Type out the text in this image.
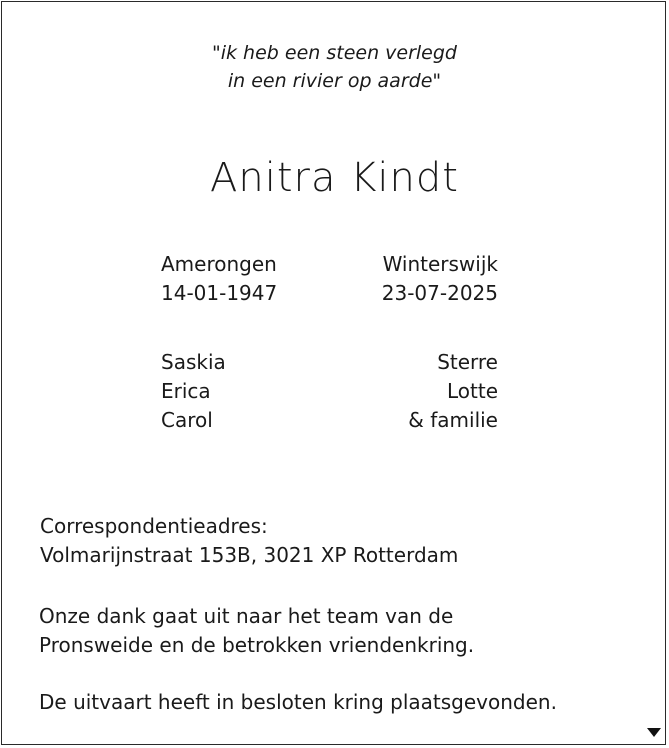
"ik heb een steen verlegd
in een rivier op aarde"
Anitra Kindt
Amerongen
14-01-1947
Winterswijk
23-07-2025
Saskia
Erica
Carol
Sterre
Lotte
& familie
Correspondentieadres:
Volmarijnstraat 153B, 3021 XP Rotterdam
Onze dank gaat uit naar het team van de
Pronsweide en de betrokken vriendenkring.
De uitvaart heeft in besloten kring plaatsgevonden.
